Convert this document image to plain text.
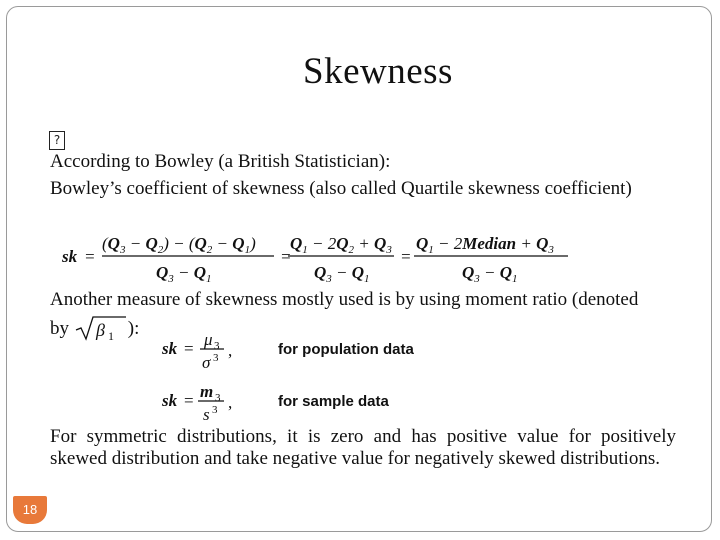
Skewness
?
According to Bowley (a British Statistician):
Bowley’s coefficient of skewness (also called Quartile skewness coefficient)
sk =
$(Q_3 - Q_2) - (Q_2 - Q_1)$
$Q_3 - Q_1$
=
$Q_1 - 2Q_2 + Q_3$
$Q_3 - Q_1$
=
$Q_1$ − 2Median + $Q_3$
$Q_3 - Q_1$
Another measure of skewness mostly used is by using moment ratio (denoted
by β 1 ):
sk = μ 3
σ 3 ,	for population data
sk = m 3
s 3 ,	for sample data
For symmetric distributions, it is zero and has positive value for positively skewed distribution and take negative value for negatively skewed distributions.
18
